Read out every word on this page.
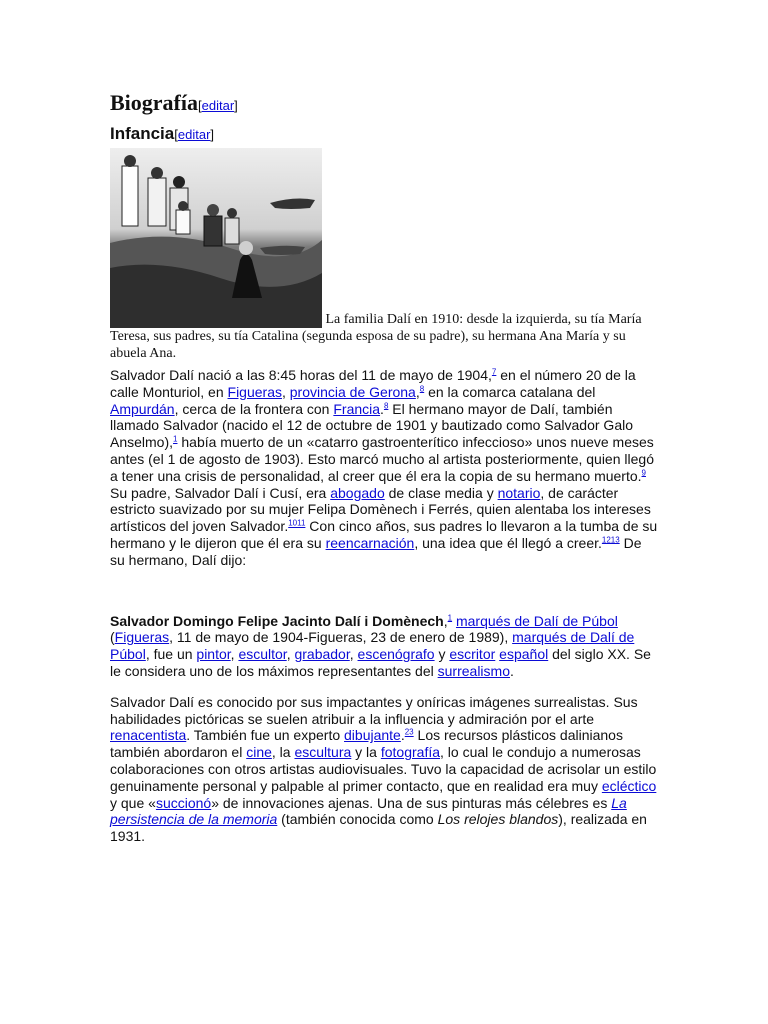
Biografía[editar]
Infancia[editar]

La familia Dalí en 1910: desde la izquierda, su tía María Teresa, sus padres, su tía Catalina (segunda esposa de su padre), su hermana Ana María y su abuela Ana.

Salvador Dalí nació a las 8:45 horas del 11 de mayo de 1904,$^7$ en el número 20 de la calle Monturiol, en Figueras, provincia de Gerona,$^8$ en la comarca catalana del Ampurdán, cerca de la frontera con Francia.$^8$ El hermano mayor de Dalí, también llamado Salvador (nacido el 12 de octubre de 1901 y bautizado como Salvador Galo Anselmo),$^1$ había muerto de un «catarro gastroenterítico infeccioso» unos nueve meses antes (el 1 de agosto de 1903). Esto marcó mucho al artista posteriormente, quien llegó a tener una crisis de personalidad, al creer que él era la copia de su hermano muerto.$^9$ Su padre, Salvador Dalí i Cusí, era abogado de clase media y notario, de carácter estricto suavizado por su mujer Felipa Domènech i Ferrés, quien alentaba los intereses artísticos del joven Salvador.$^{1011}$ Con cinco años, sus padres lo llevaron a la tumba de su hermano y le dijeron que él era su reencarnación, una idea que él llegó a creer.$^{1213}$ De su hermano, Dalí dijo:

Salvador Domingo Felipe Jacinto Dalí i Domènech,$^1$ marqués de Dalí de Púbol (Figueras, 11 de mayo de 1904-Figueras, 23 de enero de 1989), marqués de Dalí de Púbol, fue un pintor, escultor, grabador, escenógrafo y escritor español del siglo XX. Se le considera uno de los máximos representantes del surrealismo.

Salvador Dalí es conocido por sus impactantes y oníricas imágenes surrealistas. Sus habilidades pictóricas se suelen atribuir a la influencia y admiración por el arte renacentista. También fue un experto dibujante.$^{23}$ Los recursos plásticos dalinianos también abordaron el cine, la escultura y la fotografía, lo cual le condujo a numerosas colaboraciones con otros artistas audiovisuales. Tuvo la capacidad de acrisolar un estilo genuinamente personal y palpable al primer contacto, que en realidad era muy ecléctico y que «succionó» de innovaciones ajenas. Una de sus pinturas más célebres es La persistencia de la memoria (también conocida como Los relojes blandos), realizada en 1931.
